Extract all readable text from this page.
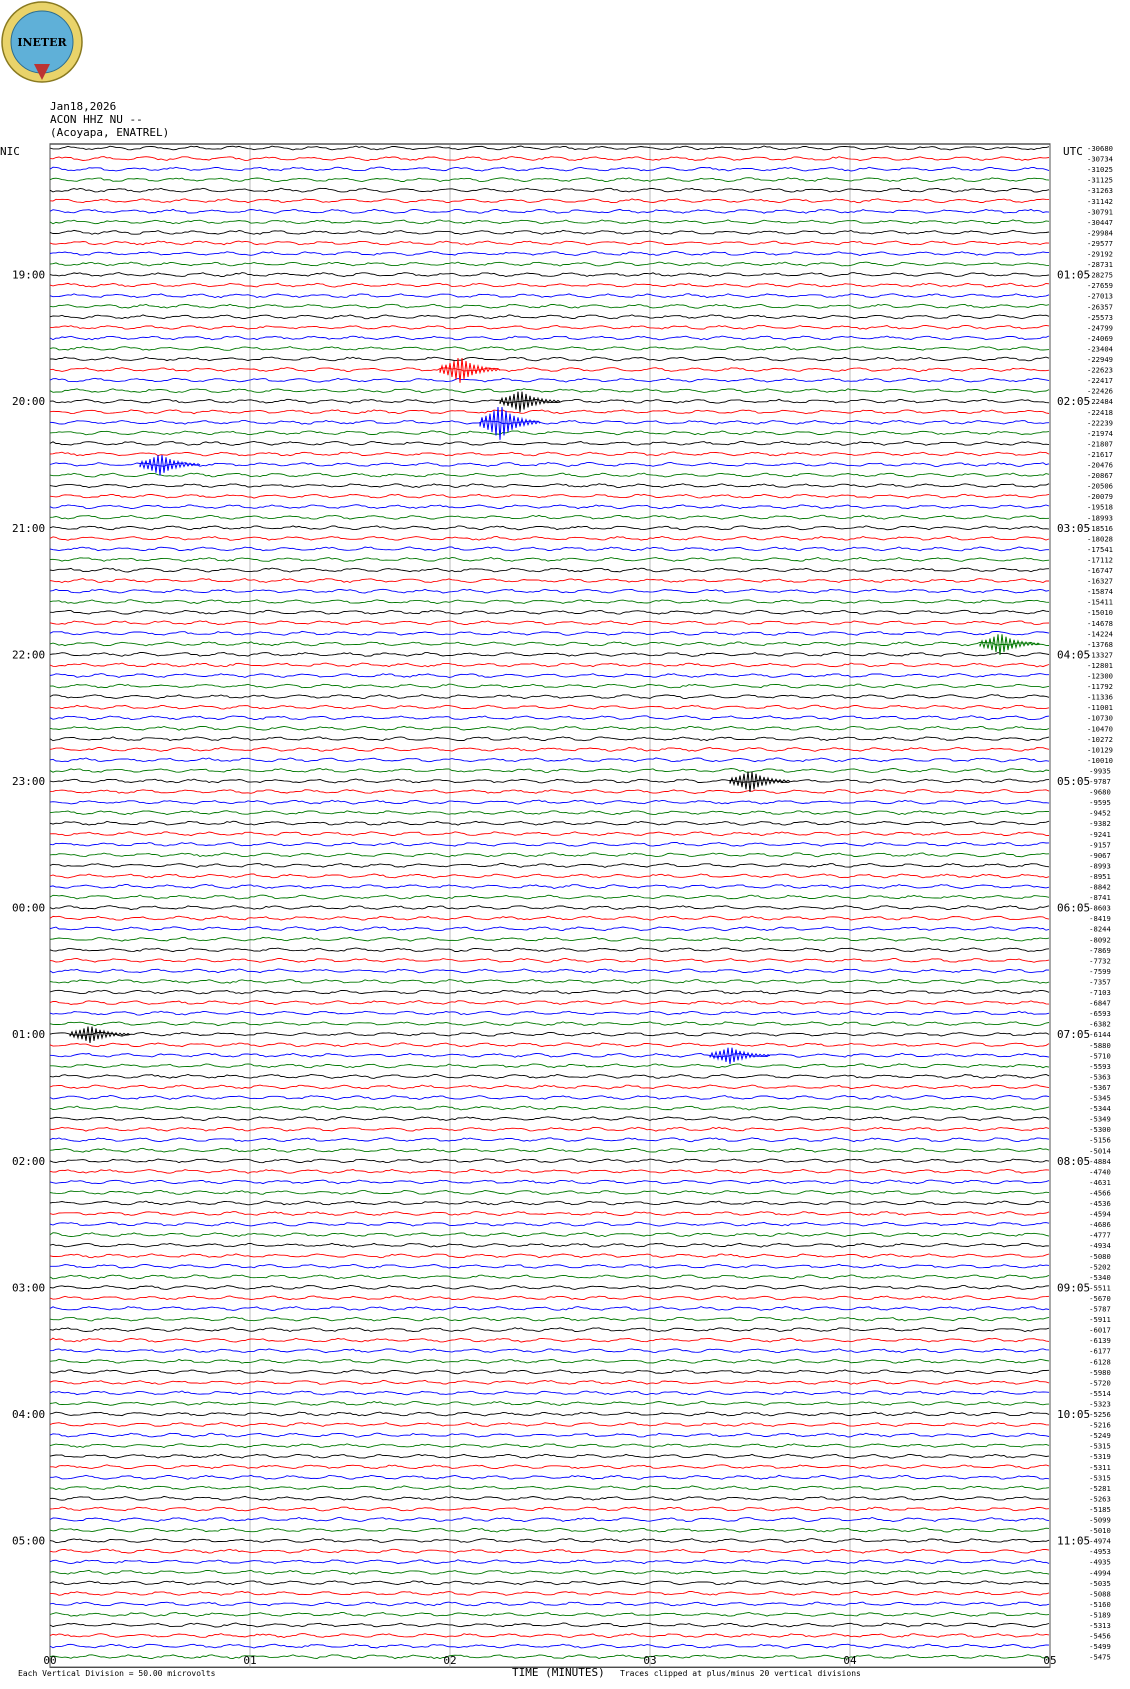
INETER
Jan18,2026
ACON HHZ NU --
(Acoyapa, ENATREL)
19:00
20:00
21:00
22:00
23:00
00:00
01:00
02:00
03:00
04:00
05:00
01:05
02:05
03:05
04:05
05:05
06:05
07:05
08:05
09:05
10:05
11:05
-30680
-30734
-31025
-31125
-31263
-31142
-30791
-30447
-29984
-29577
-29192
-28731
-28275
-27659
-27013
-26357
-25573
-24799
-24069
-23404
-22949
-22623
-22417
-22426
-22484
-22418
-22239
-21974
-21807
-21617
-20476
-20867
-20506
-20079
-19518
-18993
-18516
-18028
-17541
-17112
-16747
-16327
-15874
-15411
-15010
-14678
-14224
-13768
-13327
-12801
-12300
-11792
-11336
-11001
-10730
-10470
-10272
-10129
-10010
-9935
-9787
-9680
-9595
-9452
-9382
-9241
-9157
-9067
-8993
-8951
-8842
-8741
-8603
-8419
-8244
-8092
-7869
-7732
-7599
-7357
-7103
-6847
-6593
-6382
-6144
-5880
-5710
-5593
-5363
-5367
-5345
-5344
-5349
-5300
-5156
-5014
-4884
-4740
-4631
-4566
-4536
-4594
-4686
-4777
-4934
-5080
-5202
-5340
-5511
-5670
-5787
-5911
-6017
-6139
-6177
-6128
-5980
-5720
-5514
-5323
-5256
-5216
-5249
-5315
-5319
-5311
-5315
-5281
-5263
-5185
-5099
-5010
-4974
-4953
-4935
-4994
-5035
-5088
-5160
-5189
-5313
-5456
-5499
-5475
00	01	02	03	04	05
NIC	UTC
TIME (MINUTES)
Each Vertical Division = 50.00 microvolts	Traces clipped at plus/minus 20 vertical divisions
